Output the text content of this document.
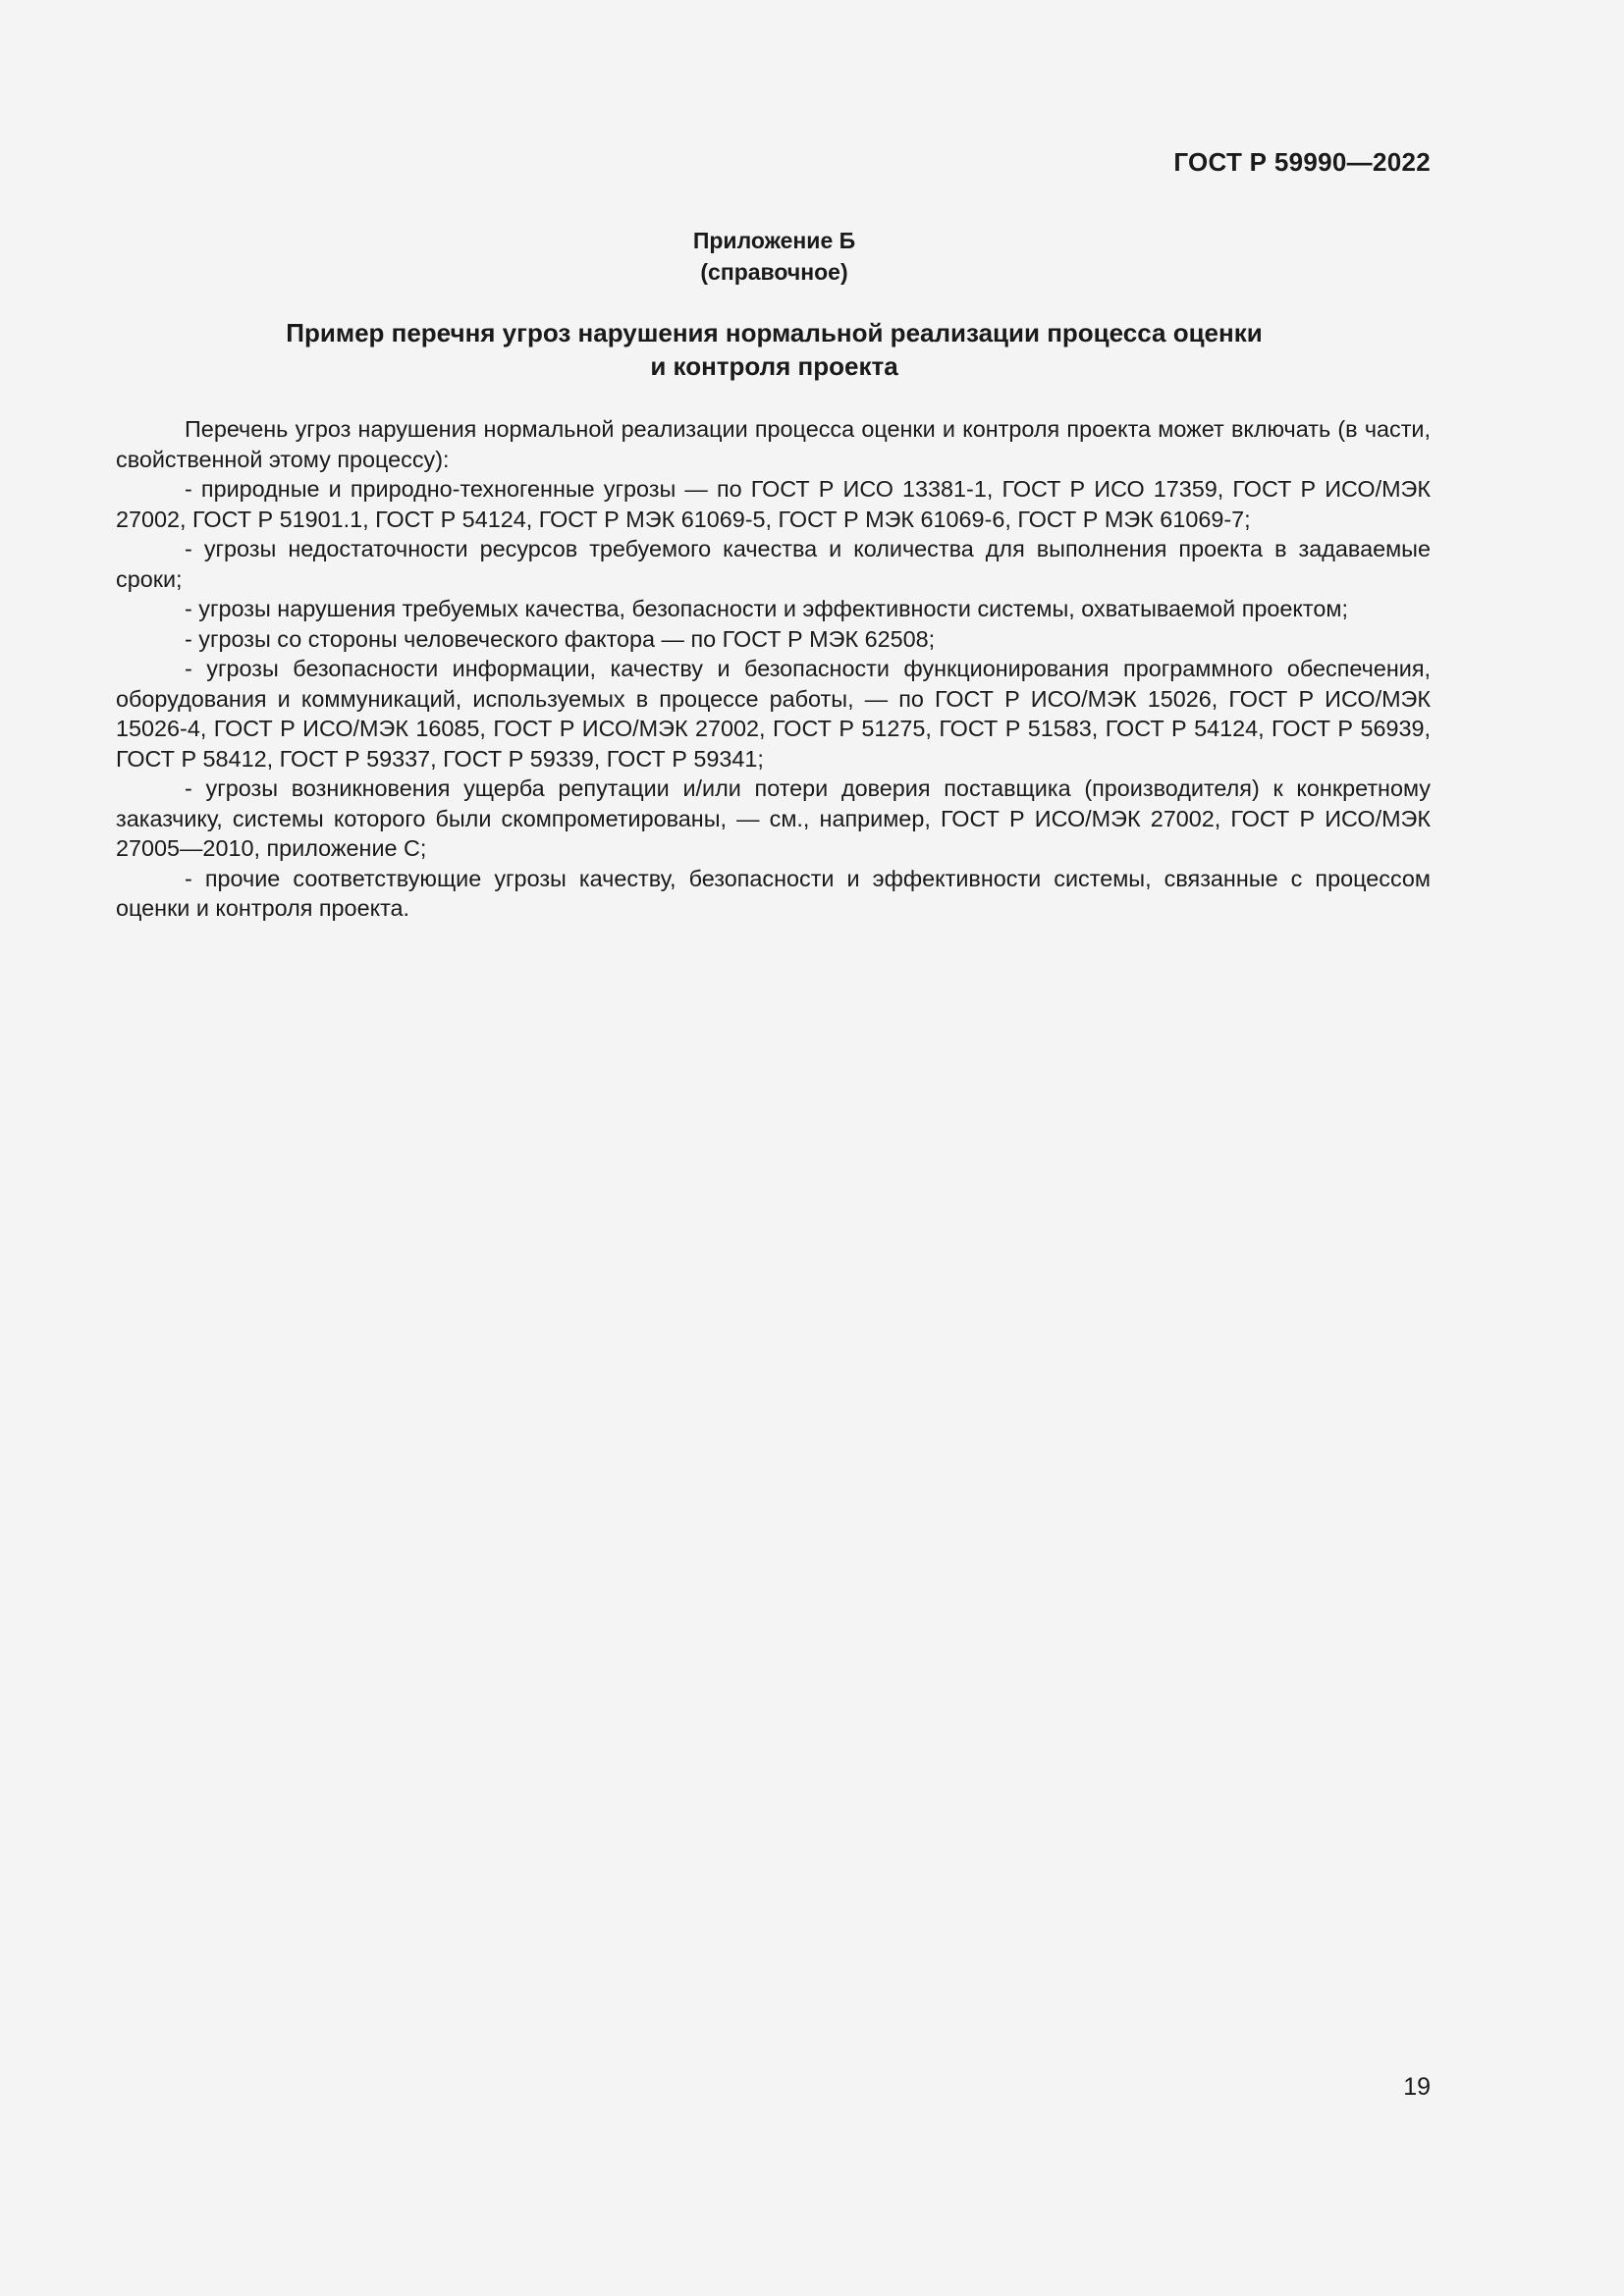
ГОСТ Р 59990—2022
Приложение Б
(справочное)
Пример перечня угроз нарушения нормальной реализации процесса оценки
и контроля проекта

Перечень угроз нарушения нормальной реализации процесса оценки и контроля проекта может включать (в части, свойственной этому процессу):

- природные и природно-техногенные угрозы — по ГОСТ Р ИСО 13381-1, ГОСТ Р ИСО 17359, ГОСТ Р ИСО/МЭК 27002, ГОСТ Р 51901.1, ГОСТ Р 54124, ГОСТ Р МЭК 61069-5, ГОСТ Р МЭК 61069-6, ГОСТ Р МЭК 61069-7;

- угрозы недостаточности ресурсов требуемого качества и количества для выполнения проекта в задаваемые сроки;

- угрозы нарушения требуемых качества, безопасности и эффективности системы, охватываемой проектом;

- угрозы со стороны человеческого фактора — по ГОСТ Р МЭК 62508;

- угрозы безопасности информации, качеству и безопасности функционирования программного обеспечения, оборудования и коммуникаций, используемых в процессе работы, — по ГОСТ Р ИСО/МЭК 15026, ГОСТ Р ИСО/МЭК 15026-4, ГОСТ Р ИСО/МЭК 16085, ГОСТ Р ИСО/МЭК 27002, ГОСТ Р 51275, ГОСТ Р 51583, ГОСТ Р 54124, ГОСТ Р 56939, ГОСТ Р 58412, ГОСТ Р 59337, ГОСТ Р 59339, ГОСТ Р 59341;

- угрозы возникновения ущерба репутации и/или потери доверия поставщика (производителя) к конкретному заказчику, системы которого были скомпрометированы, — см., например, ГОСТ Р ИСО/МЭК 27002, ГОСТ Р ИСО/МЭК 27005—2010, приложение С;

- прочие соответствующие угрозы качеству, безопасности и эффективности системы, связанные с процессом оценки и контроля проекта.

19
